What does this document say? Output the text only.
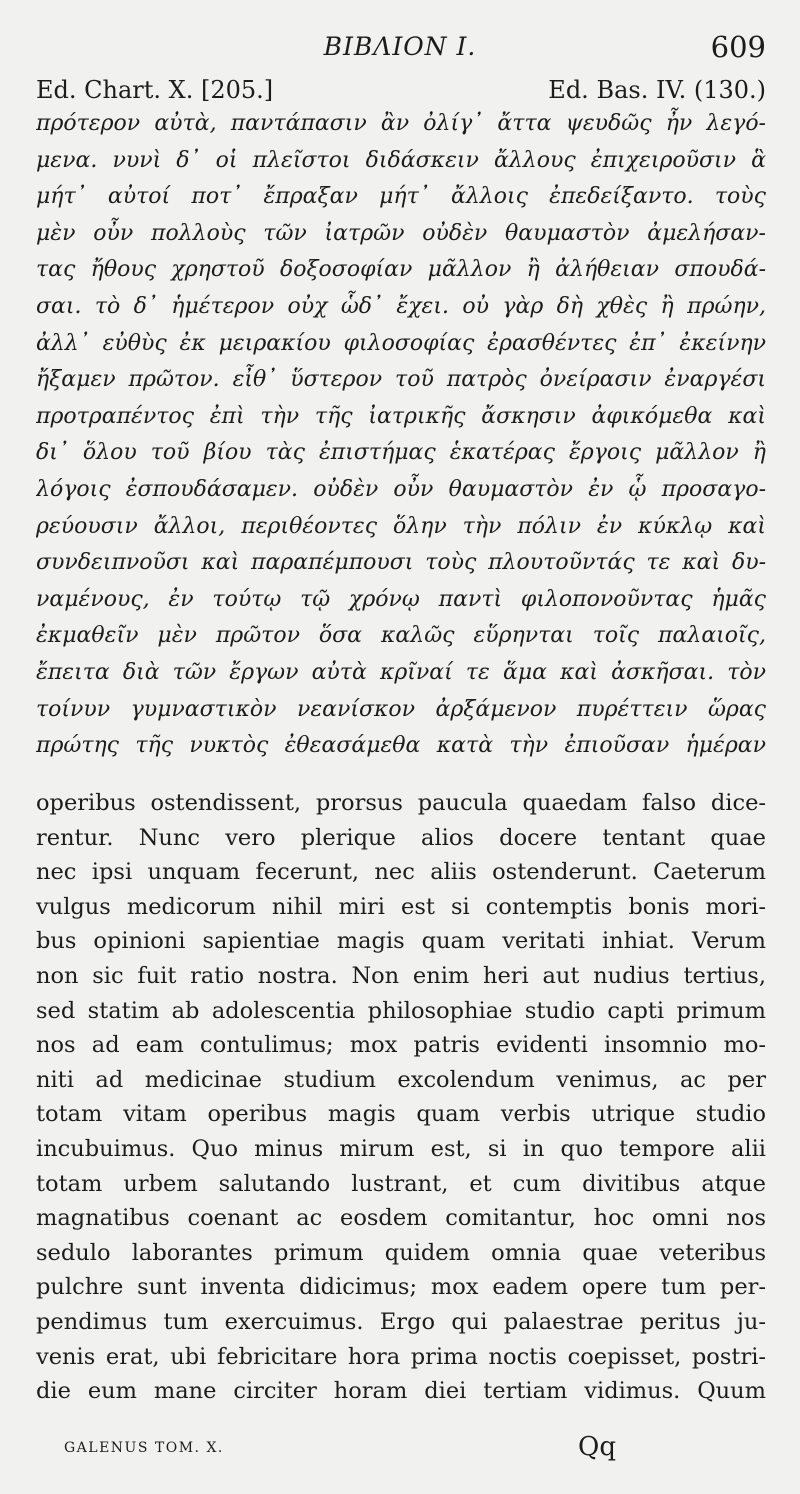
BIBΛΙΟΝ I.	609
Ed. Chart. X. [205.]	Ed. Bas. IV. (130.)
πρότερον αὐτὰ, παντάπασιν ἂν ὀλίγ᾽ ἄττα ψευδῶς ἦν λεγό-
μενα. νυνὶ δ᾽ οἱ πλεῖστοι διδάσκειν ἄλλους ἐπιχειροῦσιν ἃ
μήτ᾽ αὐτοί ποτ᾽ ἔπραξαν μήτ᾽ ἄλλοις ἐπεδείξαντο. τοὺς
μὲν οὖν πολλοὺς τῶν ἰατρῶν οὐδὲν θαυμαστὸν ἀμελήσαν-
τας ἤθους χρηστοῦ δοξοσοφίαν μᾶλλον ἢ ἀλήθειαν σπουδά-
σαι. τὸ δ᾽ ἡμέτερον οὐχ ὧδ᾽ ἔχει. οὐ γὰρ δὴ χθὲς ἢ πρώην,
ἀλλ᾽ εὐθὺς ἐκ μειρακίου φιλοσοφίας ἐρασθέντες ἐπ᾽ ἐκείνην
ἤξαμεν πρῶτον. εἶθ᾽ ὕστερον τοῦ πατρὸς ὀνείρασιν ἐναργέσι
προτραπέντος ἐπὶ τὴν τῆς ἰατρικῆς ἄσκησιν ἀφικόμεθα καὶ
δι᾽ ὅλου τοῦ βίου τὰς ἐπιστήμας ἑκατέρας ἔργοις μᾶλλον ἢ
λόγοις ἐσπουδάσαμεν. οὐδὲν οὖν θαυμαστὸν ἐν ᾧ προσαγο-
ρεύουσιν ἄλλοι, περιθέοντες ὅλην τὴν πόλιν ἐν κύκλῳ καὶ
συνδειπνοῦσι καὶ παραπέμπουσι τοὺς πλουτοῦντάς τε καὶ δυ-
ναμένους, ἐν τούτῳ τῷ χρόνῳ παντὶ φιλοπονοῦντας ἡμᾶς
ἐκμαθεῖν μὲν πρῶτον ὅσα καλῶς εὕρηνται τοῖς παλαιοῖς,
ἔπειτα διὰ τῶν ἔργων αὐτὰ κρῖναί τε ἅμα καὶ ἀσκῆσαι. τὸν
τοίνυν γυμναστικὸν νεανίσκον ἀρξάμενον πυρέττειν ὥρας
πρώτης τῆς νυκτὸς ἐθεασάμεθα κατὰ τὴν ἐπιοῦσαν ἡμέραν
operibus ostendissent, prorsus paucula quaedam falso dice-
rentur. Nunc vero plerique alios docere tentant quae
nec ipsi unquam fecerunt, nec aliis ostenderunt. Caeterum
vulgus medicorum nihil miri est si contemptis bonis mori-
bus opinioni sapientiae magis quam veritati inhiat. Verum
non sic fuit ratio nostra. Non enim heri aut nudius tertius,
sed statim ab adolescentia philosophiae studio capti primum
nos ad eam contulimus; mox patris evidenti insomnio mo-
niti ad medicinae studium excolendum venimus, ac per
totam vitam operibus magis quam verbis utrique studio
incubuimus. Quo minus mirum est, si in quo tempore alii
totam urbem salutando lustrant, et cum divitibus atque
magnatibus coenant ac eosdem comitantur, hoc omni nos
sedulo laborantes primum quidem omnia quae veteribus
pulchre sunt inventa didicimus; mox eadem opere tum per-
pendimus tum exercuimus. Ergo qui palaestrae peritus ju-
venis erat, ubi febricitare hora prima noctis coepisset, postri-
die eum mane circiter horam diei tertiam vidimus. Quum
GALENUS TOM. X.	Qq
